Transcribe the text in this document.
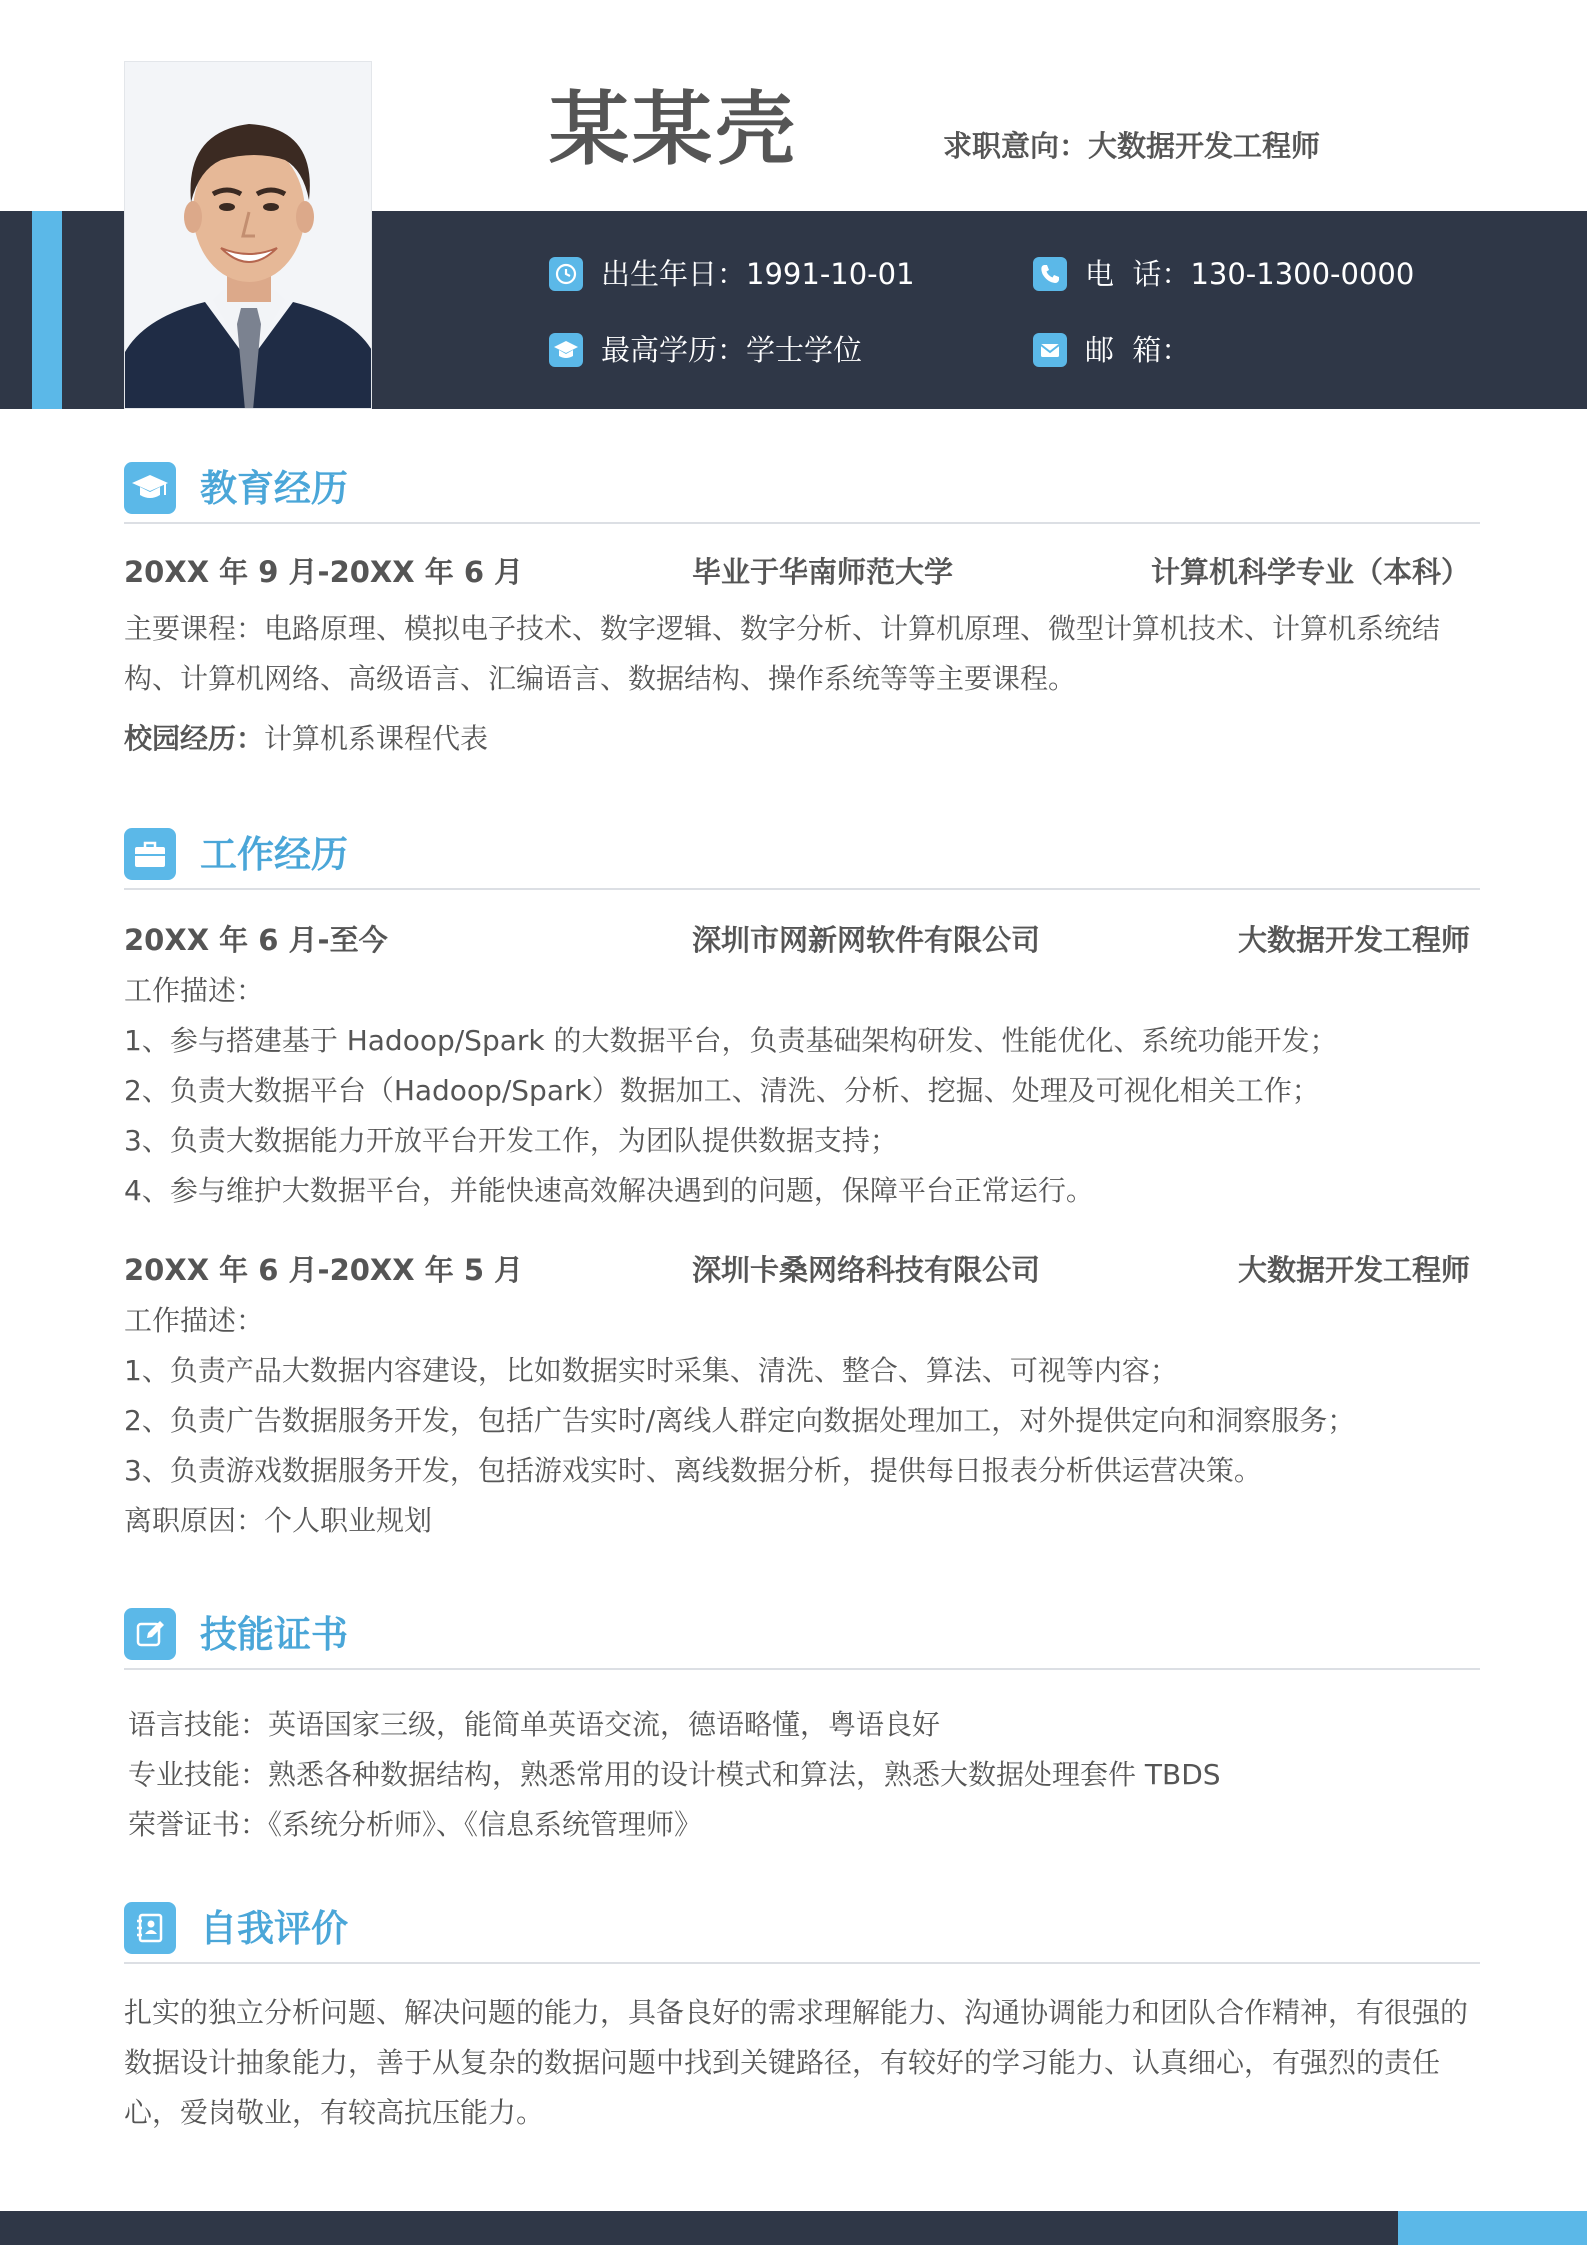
某某壳	求职意向：大数据开发工程师
出生年日： 1991-10-01	电  话： 130-1300-0000
最高学历： 学士学位	邮  箱：
教育经历
20XX 年 9 月-20XX 年 6 月	毕业于华南师范大学	计算机科学专业（本科）
主要课程：电路原理、模拟电子技术、数字逻辑、数字分析、计算机原理、微型计算机技术、计算机系统结构、计算机网络、高级语言、汇编语言、数据结构、操作系统等等主要课程。
校园经历：计算机系课程代表
工作经历
20XX 年 6 月-至今	深圳市网新网软件有限公司	大数据开发工程师
工作描述：
1、参与搭建基于 Hadoop/Spark 的大数据平台，负责基础架构研发、性能优化、系统功能开发；
2、负责大数据平台（Hadoop/Spark）数据加工、清洗、分析、挖掘、处理及可视化相关工作；
3、负责大数据能力开放平台开发工作，为团队提供数据支持；
4、参与维护大数据平台，并能快速高效解决遇到的问题，保障平台正常运行。
20XX 年 6 月-20XX 年 5 月	深圳卡桑网络科技有限公司	大数据开发工程师
工作描述：
1、负责产品大数据内容建设，比如数据实时采集、清洗、整合、算法、可视等内容；
2、负责广告数据服务开发，包括广告实时/离线人群定向数据处理加工，对外提供定向和洞察服务；
3、负责游戏数据服务开发，包括游戏实时、离线数据分析，提供每日报表分析供运营决策。
离职原因：个人职业规划
技能证书
语言技能：英语国家三级，能简单英语交流，德语略懂，粤语良好
专业技能：熟悉各种数据结构，熟悉常用的设计模式和算法，熟悉大数据处理套件 TBDS
荣誉证书：《系统分析师》、《信息系统管理师》
自我评价
扎实的独立分析问题、解决问题的能力，具备良好的需求理解能力、沟通协调能力和团队合作精神，有很强的数据设计抽象能力，善于从复杂的数据问题中找到关键路径，有较好的学习能力、认真细心，有强烈的责任心，爱岗敬业，有较高抗压能力。
